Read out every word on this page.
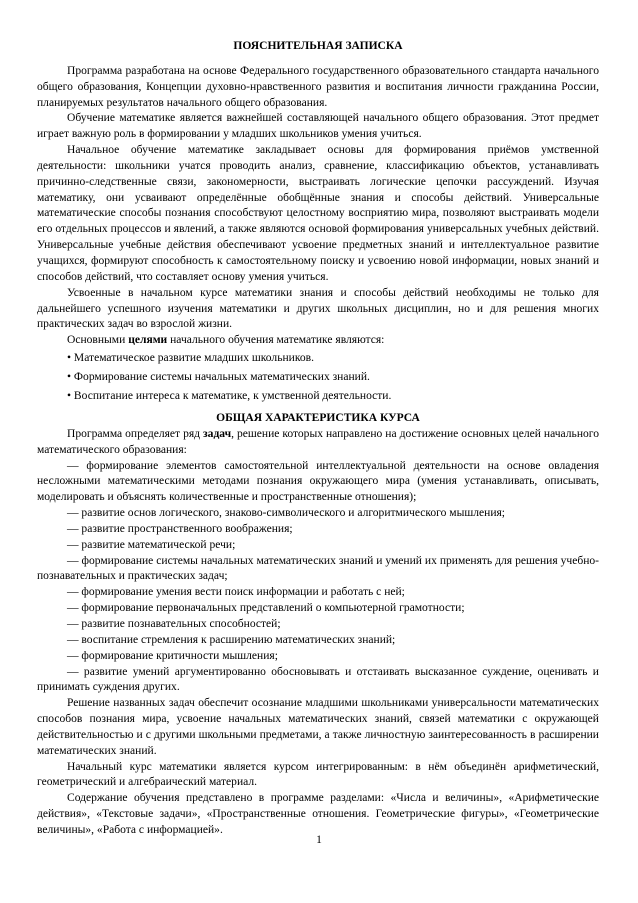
ПОЯСНИТЕЛЬНАЯ ЗАПИСКА

Программа разработана на основе Федерального государственного образовательного стандарта начального общего образования, Концепции духовно-нравственного развития и воспитания личности гражданина России, планируемых результатов начального общего образования.

Обучение математике является важнейшей составляющей начального общего образования. Этот предмет играет важную роль в формировании у младших школьников умения учиться.

Начальное обучение математике закладывает основы для формирования приёмов умственной деятельности: школьники учатся проводить анализ, сравнение, классификацию объектов, устанавливать причинно-следственные связи, закономерности, выстраивать логические цепочки рассуждений. Изучая математику, они усваивают определённые обобщённые знания и способы действий. Универсальные математические способы познания способствуют целостному восприятию мира, позволяют выстраивать модели его отдельных процессов и явлений, а также являются основой формирования универсальных учебных действий. Универсальные учебные действия обеспечивают усвоение предметных знаний и интеллектуальное развитие учащихся, формируют способность к самостоятельному поиску и усвоению новой информации, новых знаний и способов действий, что составляет основу умения учиться.

Усвоенные в начальном курсе математики знания и способы действий необходимы не только для дальнейшего успешного изучения математики и других школьных дисциплин, но и для решения многих практических задач во взрослой жизни.

Основными целями начального обучения математике являются:

• Математическое развитие младших школьников.

• Формирование системы начальных математических знаний.

• Воспитание интереса к математике, к умственной деятельности.

ОБЩАЯ ХАРАКТЕРИСТИКА КУРСА

Программа определяет ряд задач, решение которых направлено на достижение основных целей начального математического образования:

— формирование элементов самостоятельной интеллектуальной деятельности на основе овладения несложными математическими методами познания окружающего мира (умения устанавливать, описывать, моделировать и объяснять количественные и пространственные отношения);

— развитие основ логического, знаково-символического и алгоритмического мышления;

— развитие пространственного воображения;

— развитие математической речи;

— формирование системы начальных математических знаний и умений их применять для решения учебно-познавательных и практических задач;

— формирование умения вести поиск информации и работать с ней;

— формирование первоначальных представлений о компьютерной грамотности;

— развитие познавательных способностей;

— воспитание стремления к расширению математических знаний;

— формирование критичности мышления;

— развитие умений аргументированно обосновывать и отстаивать высказанное суждение, оценивать и принимать суждения других.

Решение названных задач обеспечит осознание младшими школьниками универсальности математических способов познания мира, усвоение начальных математических знаний, связей математики с окружающей действительностью и с другими школьными предметами, а также личностную заинтересованность в расширении математических знаний.

Начальный курс математики является курсом интегрированным: в нём объединён арифметический, геометрический и алгебраический материал.

Содержание обучения представлено в программе разделами: «Числа и величины», «Арифметические действия», «Текстовые задачи», «Пространственные отношения. Геометрические фигуры», «Геометрические величины», «Работа с информацией».

1
